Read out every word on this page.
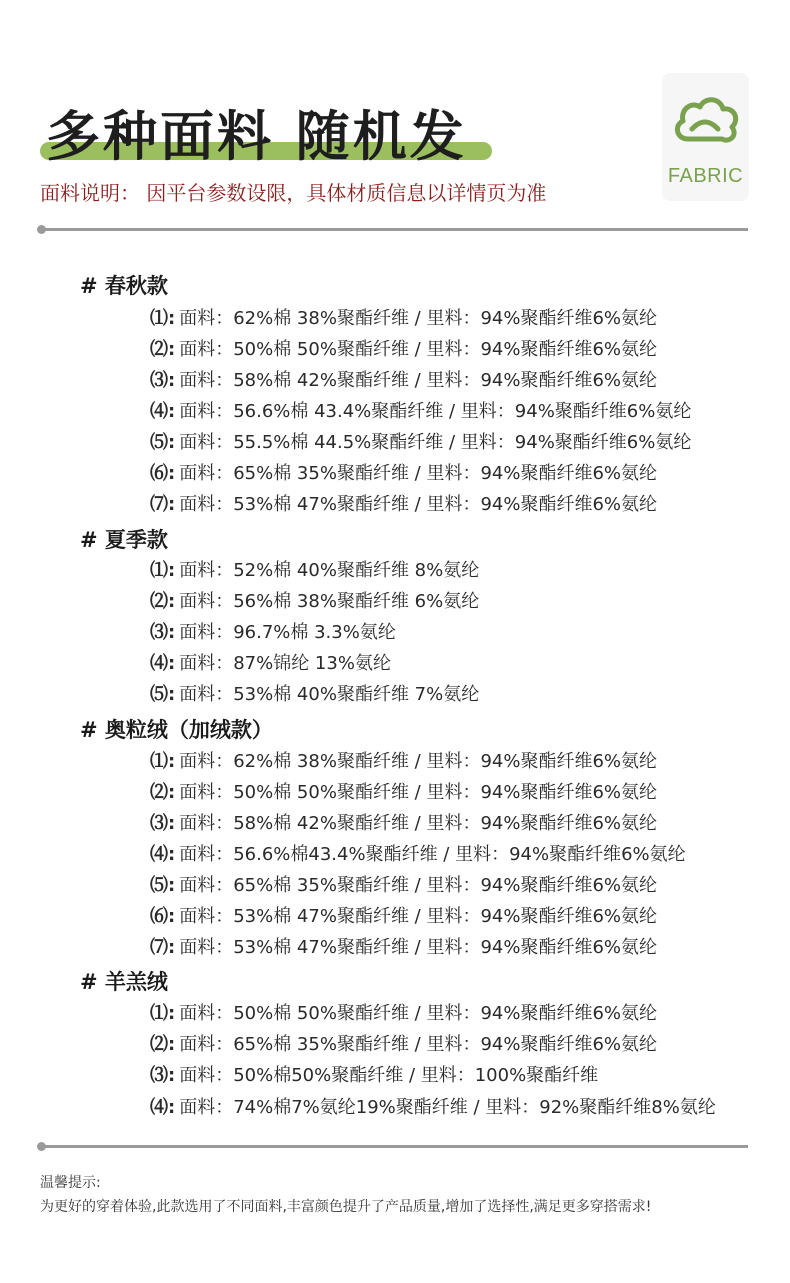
多种面料 随机发
面料说明： 因平台参数设限，具体材质信息以详情页为准
FABRIC
# 春秋款
⑴: 面料：62%棉 38%聚酯纤维 / 里料：94%聚酯纤维6%氨纶
⑵: 面料：50%棉 50%聚酯纤维 / 里料：94%聚酯纤维6%氨纶
⑶: 面料：58%棉 42%聚酯纤维 / 里料：94%聚酯纤维6%氨纶
⑷: 面料：56.6%棉 43.4%聚酯纤维 / 里料：94%聚酯纤维6%氨纶
⑸: 面料：55.5%棉 44.5%聚酯纤维 / 里料：94%聚酯纤维6%氨纶
⑹: 面料：65%棉 35%聚酯纤维 / 里料：94%聚酯纤维6%氨纶
⑺: 面料：53%棉 47%聚酯纤维 / 里料：94%聚酯纤维6%氨纶
# 夏季款
⑴: 面料：52%棉 40%聚酯纤维 8%氨纶
⑵: 面料：56%棉 38%聚酯纤维 6%氨纶
⑶: 面料：96.7%棉 3.3%氨纶
⑷: 面料：87%锦纶 13%氨纶
⑸: 面料：53%棉 40%聚酯纤维 7%氨纶
# 奥粒绒（加绒款）
⑴: 面料：62%棉 38%聚酯纤维 / 里料：94%聚酯纤维6%氨纶
⑵: 面料：50%棉 50%聚酯纤维 / 里料：94%聚酯纤维6%氨纶
⑶: 面料：58%棉 42%聚酯纤维 / 里料：94%聚酯纤维6%氨纶
⑷: 面料：56.6%棉43.4%聚酯纤维 / 里料：94%聚酯纤维6%氨纶
⑸: 面料：65%棉 35%聚酯纤维 / 里料：94%聚酯纤维6%氨纶
⑹: 面料：53%棉 47%聚酯纤维 / 里料：94%聚酯纤维6%氨纶
⑺: 面料：53%棉 47%聚酯纤维 / 里料：94%聚酯纤维6%氨纶
# 羊羔绒
⑴: 面料：50%棉 50%聚酯纤维 / 里料：94%聚酯纤维6%氨纶
⑵: 面料：65%棉 35%聚酯纤维 / 里料：94%聚酯纤维6%氨纶
⑶: 面料：50%棉50%聚酯纤维 / 里料：100%聚酯纤维
⑷: 面料：74%棉7%氨纶19%聚酯纤维 / 里料：92%聚酯纤维8%氨纶
温馨提示:
为更好的穿着体验,此款选用了不同面料,丰富颜色提升了产品质量,增加了选择性,满足更多穿搭需求!
